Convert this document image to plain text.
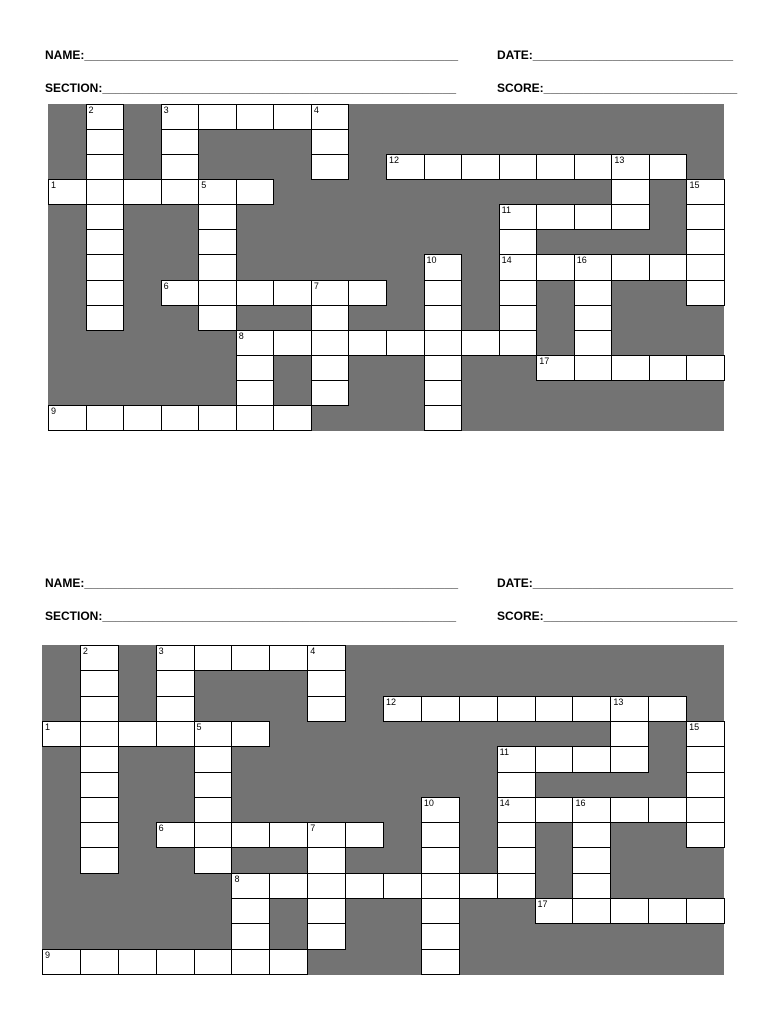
NAME:________________________________________________________	DATE:______________________________
SECTION:_____________________________________________________	SCORE:_____________________________
2	3	4
12	13
1	5	15
11
10	14	16
6	7
8
17
9
NAME:________________________________________________________	DATE:______________________________
SECTION:_____________________________________________________	SCORE:_____________________________
2	3	4
12	13
1	5	15
11
10	14	16
6	7
8
17
9
